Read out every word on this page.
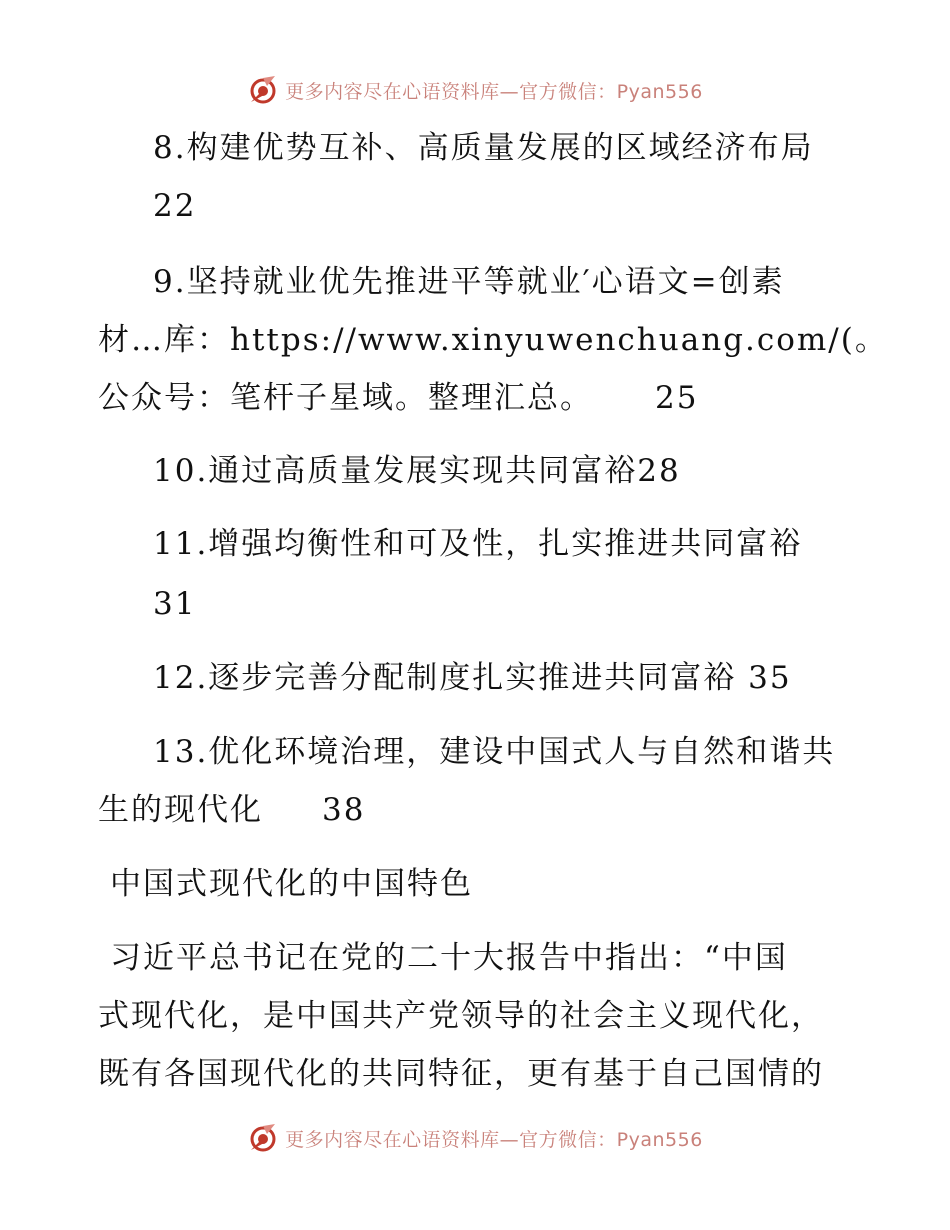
更多内容尽在心语资料库—官方微信：Pyan556
8.构建优势互补、高质量发展的区域经济布局
22
9.坚持就业优先推进平等就业′心语文=创素
材…库：https://www.xinyuwenchuang.com/(。
公众号：笔杆子星域。整理汇总。 25
10.通过高质量发展实现共同富裕28
11.增强均衡性和可及性，扎实推进共同富裕
31
12.逐步完善分配制度扎实推进共同富裕 35
13.优化环境治理，建设中国式人与自然和谐共
生的现代化 38
中国式现代化的中国特色
习近平总书记在党的二十大报告中指出：“中国
式现代化，是中国共产党领导的社会主义现代化，
既有各国现代化的共同特征，更有基于自己国情的
更多内容尽在心语资料库—官方微信：Pyan556
